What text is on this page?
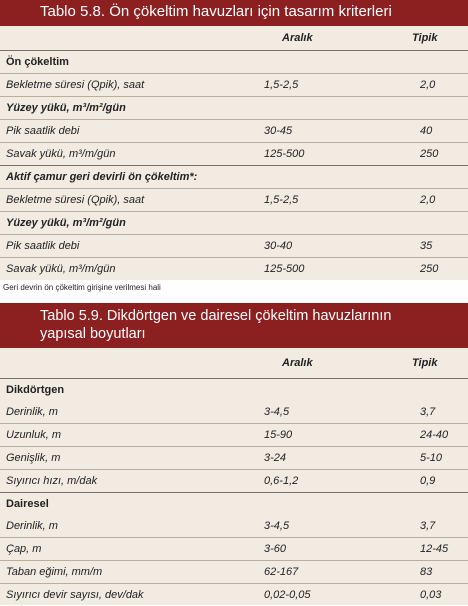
Tablo 5.8. Ön çökeltim havuzları için tasarım kriterleri
Aralık	Tipik
Ön çökeltim
Bekletme süresi (Qpik), saat	1,5-2,5	2,0
Yüzey yükü, m³/m²/gün
Pik saatlik debi	30-45	40
Savak yükü, m³/m/gün	125-500	250
Aktif çamur geri devirli ön çökeltim*:
Bekletme süresi (Qpik), saat	1,5-2,5	2,0
Yüzey yükü, m³/m²/gün
Pik saatlik debi	30-40	35
Savak yükü, m³/m/gün	125-500	250
Geri devrin ön çökeltim girişine verilmesi hali
Tablo 5.9. Dikdörtgen ve dairesel çökeltim havuzlarının
yapısal boyutları
Aralık	Tipik
Dikdörtgen
Derinlik, m	3-4,5	3,7
Uzunluk, m	15-90	24-40
Genişlik, m	3-24	5-10
Sıyırıcı hızı, m/dak	0,6-1,2	0,9
Dairesel
Derinlik, m	3-4,5	3,7
Çap, m	3-60	12-45
Taban eğimi, mm/m	62-167	83
Sıyırıcı devir sayısı, dev/dak	0,02-0,05	0,03
